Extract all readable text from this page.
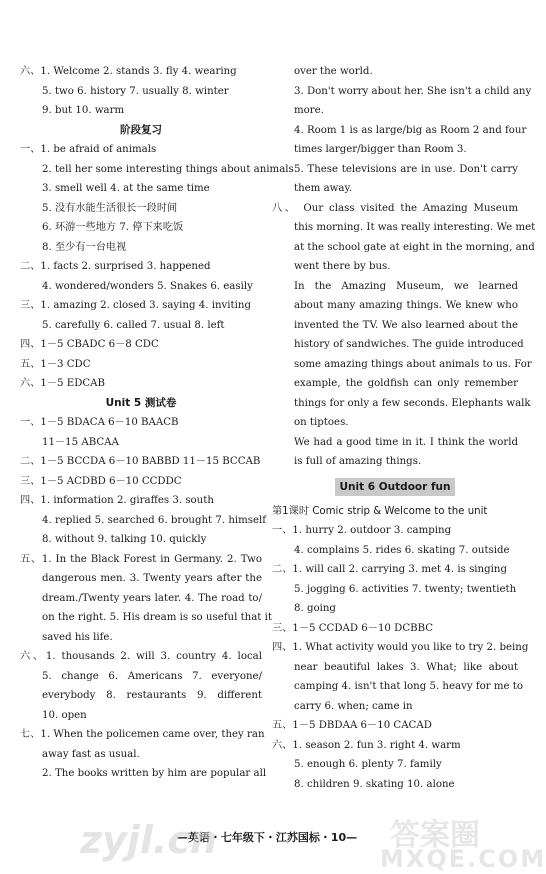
六、1. Welcome 2. stands 3. fly 4. wearing
5. two 6. history 7. usually 8. winter
9. but 10. warm
阶段复习
一、1. be afraid of animals
2. tell her some interesting things about animals
3. smell well 4. at the same time
5. 没有水能生活很长一段时间
6. 环游一些地方 7. 停下来吃饭
8. 至少有一台电视
二、1. facts 2. surprised 3. happened
4. wondered/wonders 5. Snakes 6. easily
三、1. amazing 2. closed 3. saying 4. inviting
5. carefully 6. called 7. usual 8. left
四、1－5 CBADC 6－8 CDC
五、1－3 CDC
六、1－5 EDCAB
Unit 5 测试卷
一、1－5 BDACA 6－10 BAACB
11－15 ABCAA
二、1－5 BCCDA 6－10 BABBD 11－15 BCCAB
三、1－5 ACDBD 6－10 CCDDC
四、1. information 2. giraffes 3. south
4. replied 5. searched 6. brought 7. himself
8. without 9. talking 10. quickly
五、1. In the Black Forest in Germany. 2. Two
dangerous men. 3. Twenty years after the
dream./Twenty years later. 4. The road to/
on the right. 5. His dream is so useful that it
saved his life.
六、1. thousands 2. will 3. country 4. local
5. change 6. Americans 7. everyone/
everybody 8. restaurants 9. different
10. open
七、1. When the policemen came over, they ran
away fast as usual.
2. The books written by him are popular all
over the world.
3. Don't worry about her. She isn't a child any
more.
4. Room 1 is as large/big as Room 2 and four
times larger/bigger than Room 3.
5. These televisions are in use. Don't carry
them away.
八、 Our class visited the Amazing Museum
this morning. It was really interesting. We met
at the school gate at eight in the morning, and
went there by bus.
In the Amazing Museum, we learned
about many amazing things. We knew who
invented the TV. We also learned about the
history of sandwiches. The guide introduced
some amazing things about animals to us. For
example, the goldfish can only remember
things for only a few seconds. Elephants walk
on tiptoes.
We had a good time in it. I think the world
is full of amazing things.
Unit 6 Outdoor fun
第1课时 Comic strip & Welcome to the unit
一、1. hurry 2. outdoor 3. camping
4. complains 5. rides 6. skating 7. outside
二、1. will call 2. carrying 3. met 4. is singing
5. jogging 6. activities 7. twenty; twentieth
8. going
三、1－5 CCDAD 6－10 DCBBC
四、1. What activity would you like to try 2. being
near beautiful lakes 3. What; like about
camping 4. isn't that long 5. heavy for me to
carry 6. when; came in
五、1－5 DBDAA 6－10 CACAD
六、1. season 2. fun 3. right 4. warm
5. enough 6. plenty 7. family
8. children 9. skating 10. alone
—英语・七年级下・江苏国标・10—
zyjl.cn	答案圈
MXQE.COM
